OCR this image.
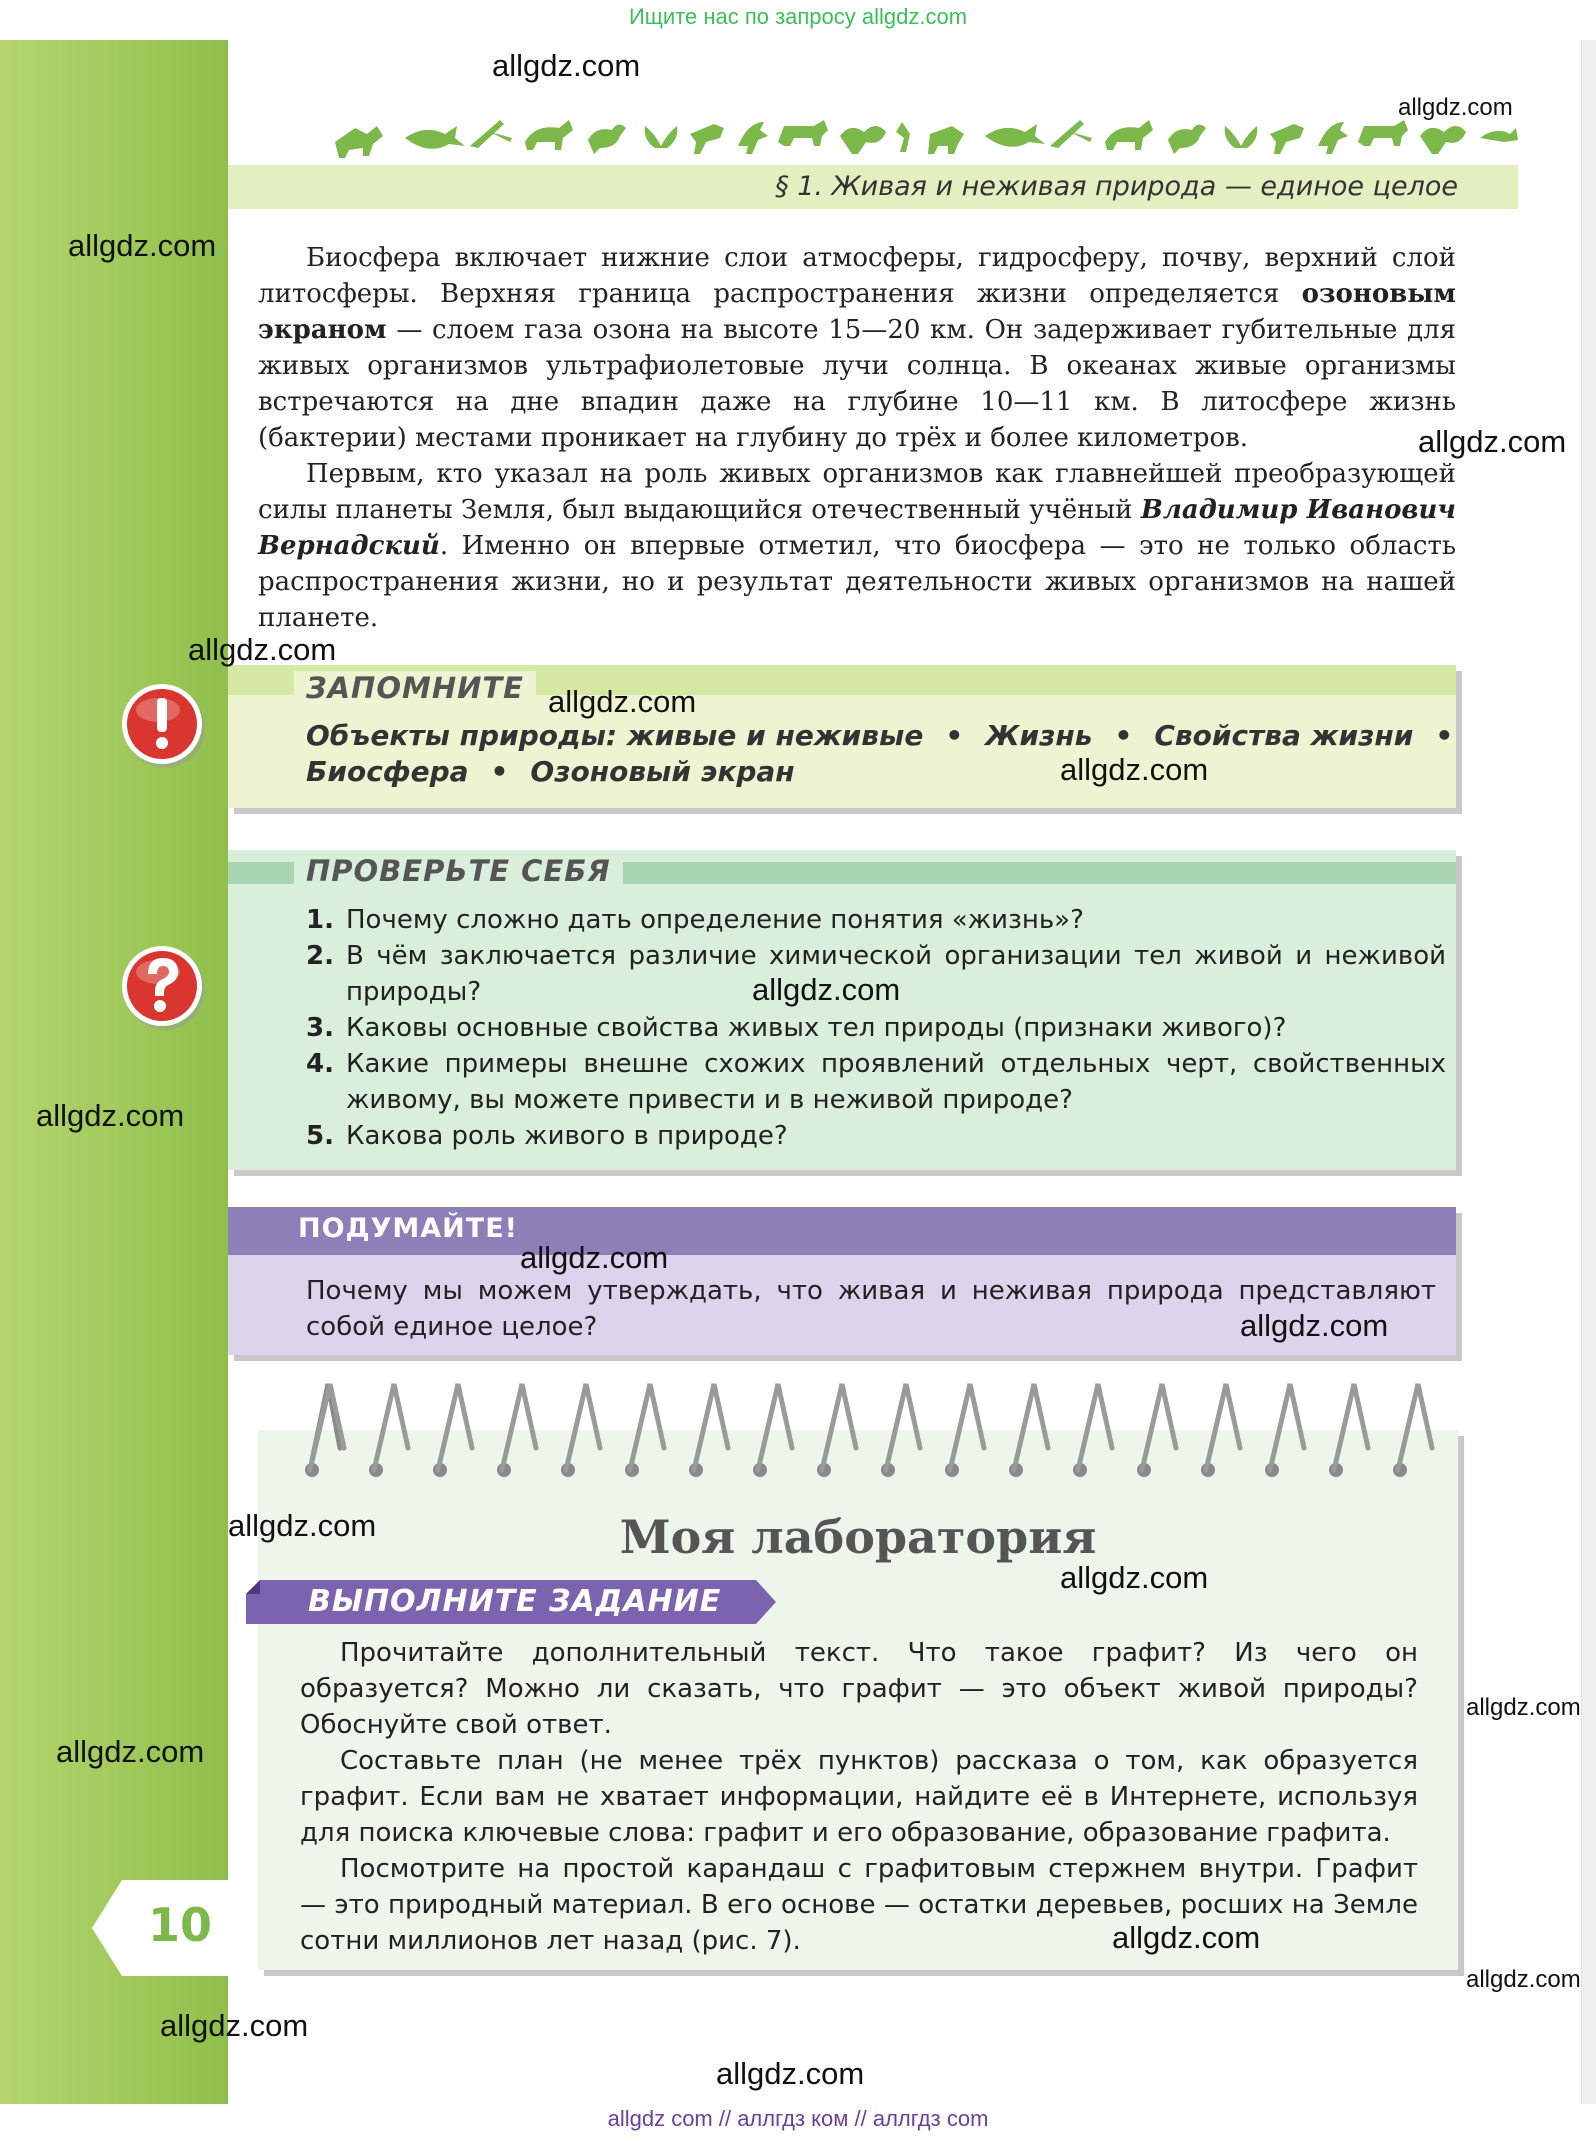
Ищите нас по запросу allgdz.com
§ 1. Живая и неживая природа — единое целое

Биосфера включает нижние слои атмосферы, гидросферу, почву, верхний слой литосферы. Верхняя граница распространения жизни определяется озоновым экраном — слоем газа озона на высоте 15—20 км. Он задерживает губительные для живых организмов ультрафиолетовые лучи солнца. В океанах живые организмы встречаются на дне впадин даже на глубине 10—11 км. В литосфере жизнь (бактерии) местами проникает на глубину до трёх и более километров.

Первым, кто указал на роль живых организмов как главнейшей преобразующей силы планеты Земля, был выдающийся отечественный учёный Владимир Иванович Вернадский. Именно он впервые отметил, что биосфера — это не только область распространения жизни, но и результат деятельности живых организмов на нашей планете.

ЗАПОМНИТЕ
Объекты природы: живые и неживые • Жизнь • Свойства жизни •
Биосфера • Озоновый экран
ПРОВЕРЬТЕ СЕБЯ
1. Почему сложно дать определение понятия «жизнь»?
2. В чём заключается различие химической организации тел живой и неживой природы?
3. Каковы основные свойства живых тел природы (признаки живого)?
4. Какие примеры внешне схожих проявлений отдельных черт, свойственных живому, вы можете привести и в неживой природе?
5. Какова роль живого в природе?
ПОДУМАЙТЕ!
Почему мы можем утверждать, что живая и неживая природа представляют собой единое целое?
Моя лаборатория
ВЫПОЛНИТЕ ЗАДАНИЕ

Прочитайте дополнительный текст. Что такое графит? Из чего он образуется? Можно ли сказать, что графит — это объект живой природы? Обоснуйте свой ответ.

Составьте план (не менее трёх пунктов) рассказа о том, как образуется графит. Если вам не хватает информации, найдите её в Интернете, используя для поиска ключевые слова: графит и его образование, образование графита.

Посмотрите на простой карандаш с графитовым стержнем внутри. Графит — это природный материал. В его основе — остатки деревьев, росших на Земле сотни миллионов лет назад (рис. 7).

10
allgdz.com
allgdz.com
allgdz.com
allgdz.com
allgdz.com
allgdz.com
allgdz.com
allgdz.com
allgdz.com
allgdz.com
allgdz.com
allgdz.com
allgdz.com
allgdz.com
allgdz.com
allgdz.com
allgdz.com
allgdz.com
allgdz.com
allgdz com // аллгдз ком // аллгдз com
